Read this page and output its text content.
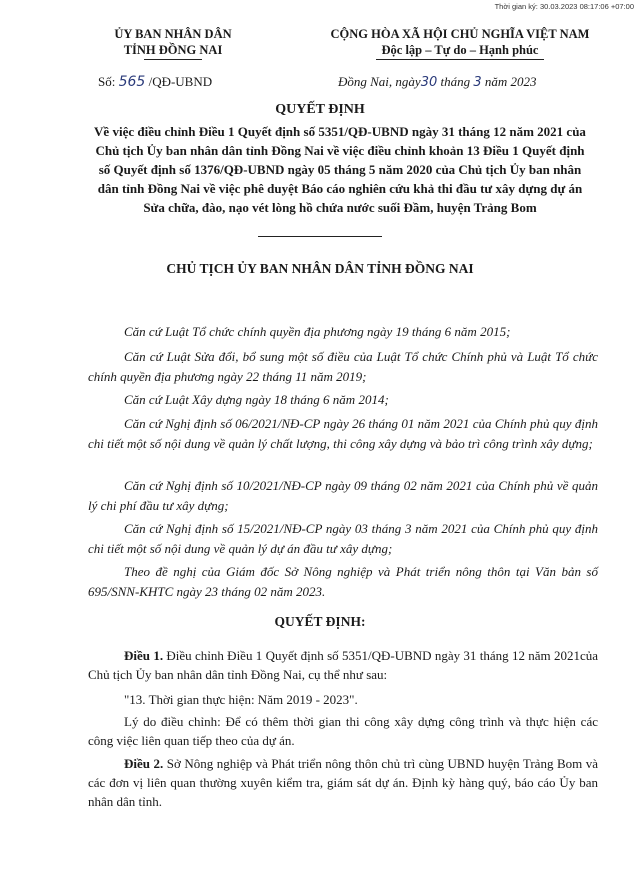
Thời gian ký: 30.03.2023 08:17:06 +07:00
ỦY BAN NHÂN DÂN
TỈNH ĐỒNG NAI
CỘNG HÒA XÃ HỘI CHỦ NGHĨA VIỆT NAM
Độc lập – Tự do – Hạnh phúc
Số: 565 /QĐ-UBND	Đồng Nai, ngày30 tháng 3 năm 2023
QUYẾT ĐỊNH
Về việc điều chỉnh Điều 1 Quyết định số 5351/QĐ-UBND ngày 31 tháng 12 năm 2021 của Chủ tịch Ủy ban nhân dân tỉnh Đồng Nai về việc điều chỉnh khoản 13 Điều 1 Quyết định số Quyết định số 1376/QĐ-UBND ngày 05 tháng 5 năm 2020 của Chủ tịch Ủy ban nhân dân tỉnh Đồng Nai về việc phê duyệt Báo cáo nghiên cứu khả thi đầu tư xây dựng dự án Sửa chữa, đào, nạo vét lòng hồ chứa nước suối Đầm, huyện Trảng Bom
CHỦ TỊCH ỦY BAN NHÂN DÂN TỈNH ĐỒNG NAI

Căn cứ Luật Tổ chức chính quyền địa phương ngày 19 tháng 6 năm 2015;

Căn cứ Luật Sửa đổi, bổ sung một số điều của Luật Tổ chức Chính phủ và Luật Tổ chức chính quyền địa phương ngày 22 tháng 11 năm 2019;

Căn cứ Luật Xây dựng ngày 18 tháng 6 năm 2014;

Căn cứ Nghị định số 06/2021/NĐ-CP ngày 26 tháng 01 năm 2021 của Chính phủ quy định chi tiết một số nội dung về quản lý chất lượng, thi công xây dựng và bảo trì công trình xây dựng;

Căn cứ Nghị định số 10/2021/NĐ-CP ngày 09 tháng 02 năm 2021 của Chính phủ về quản lý chi phí đầu tư xây dựng;

Căn cứ Nghị định số 15/2021/NĐ-CP ngày 03 tháng 3 năm 2021 của Chính phủ quy định chi tiết một số nội dung về quản lý dự án đầu tư xây dựng;

Theo đề nghị của Giám đốc Sở Nông nghiệp và Phát triển nông thôn tại Văn bản số 695/SNN-KHTC ngày 23 tháng 02 năm 2023.

QUYẾT ĐỊNH:

Điều 1. Điều chỉnh Điều 1 Quyết định số 5351/QĐ-UBND ngày 31 tháng 12 năm 2021của Chủ tịch Ủy ban nhân dân tỉnh Đồng Nai, cụ thể như sau:

"13. Thời gian thực hiện: Năm 2019 - 2023".

Lý do điều chỉnh: Để có thêm thời gian thi công xây dựng công trình và thực hiện các công việc liên quan tiếp theo của dự án.

Điều 2. Sở Nông nghiệp và Phát triển nông thôn chủ trì cùng UBND huyện Trảng Bom và các đơn vị liên quan thường xuyên kiểm tra, giám sát dự án. Định kỳ hàng quý, báo cáo Ủy ban nhân dân tỉnh.
